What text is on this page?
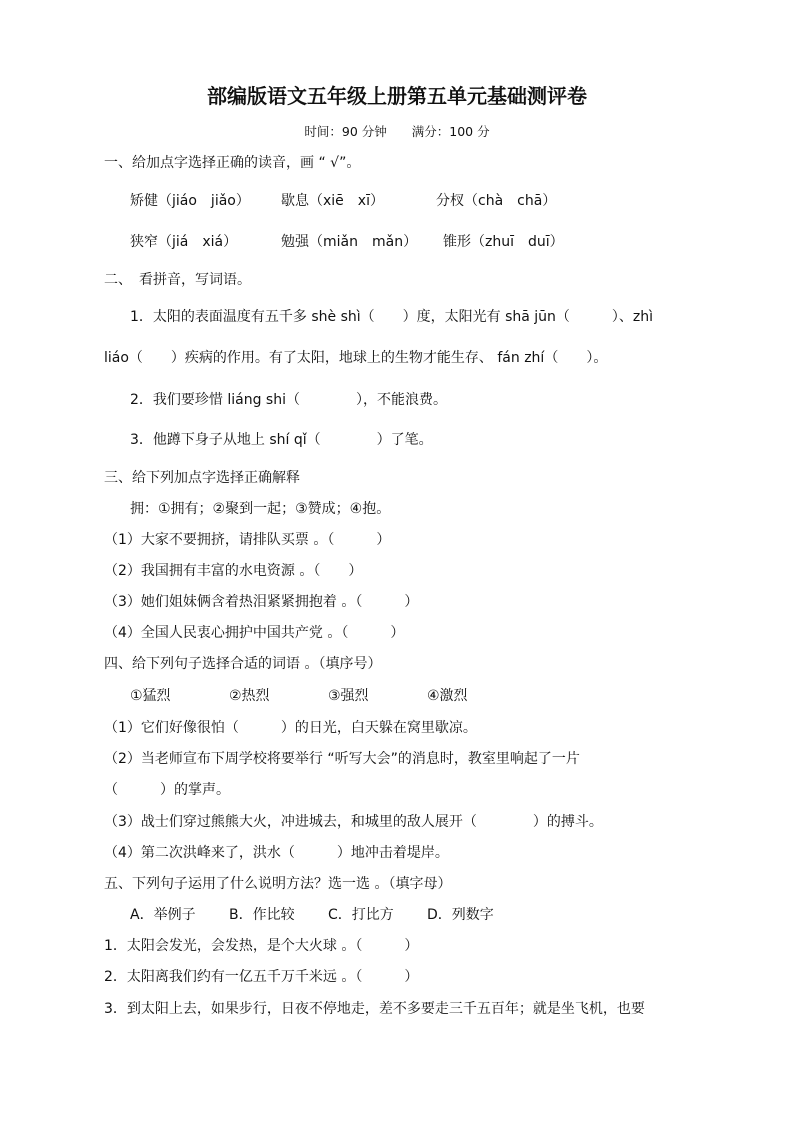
部编版语文五年级上册第五单元基础测评卷
时间：90 分钟　　满分：100 分
一、给加点字选择正确的读音，画 “ √”。
矫健（jiáo　jiǎo） 歇息（xiē　xī）	分杈（chà　chā）
狭窄（jiá　xiá）	勉强（miǎn　mǎn） 锥形（zhuī　duī）
二、　看拼音，写词语。
1．太阳的表面温度有五千多 shè shì（　　）度，太阳光有 shā jūn（　　　）、zhì
liáo（　　）疾病的作用。有了太阳，地球上的生物才能生存、 fán zhí（　　）。
2．我们要珍惜 liáng shi（　　　　），不能浪费。
3．他蹲下身子从地上 shí qǐ（　　　　）了笔。
三、给下列加点字选择正确解释
拥：①拥有；②聚到一起；③赞成；④抱。
（1）大家不要拥挤，请排队买票 。（　　　）
（2）我国拥有丰富的水电资源 。（　　）
（3）她们姐妹俩含着热泪紧紧拥抱着 。（　　　）
（4）全国人民衷心拥护中国共产党 。（　　　）
四、给下列句子选择合适的词语 。（填序号）
①猛烈	②热烈	③强烈	④激烈
（1）它们好像很怕（　　　）的日光，白天躲在窝里歇凉。
（2）当老师宣布下周学校将要举行 “听写大会”的消息时，教室里响起了一片
（　　　）的掌声。
（3）战士们穿过熊熊大火，冲进城去，和城里的敌人展开（　　　　）的搏斗。
（4）第二次洪峰来了，洪水（　　　）地冲击着堤岸。
五、下列句子运用了什么说明方法？选一选 。（填字母）
A．举例子 B．作比较 C．打比方 D．列数字
1．太阳会发光，会发热，是个大火球 。（　　　）
2．太阳离我们约有一亿五千万千米远 。（　　　）
3．到太阳上去，如果步行，日夜不停地走，差不多要走三千五百年；就是坐飞机，也要
